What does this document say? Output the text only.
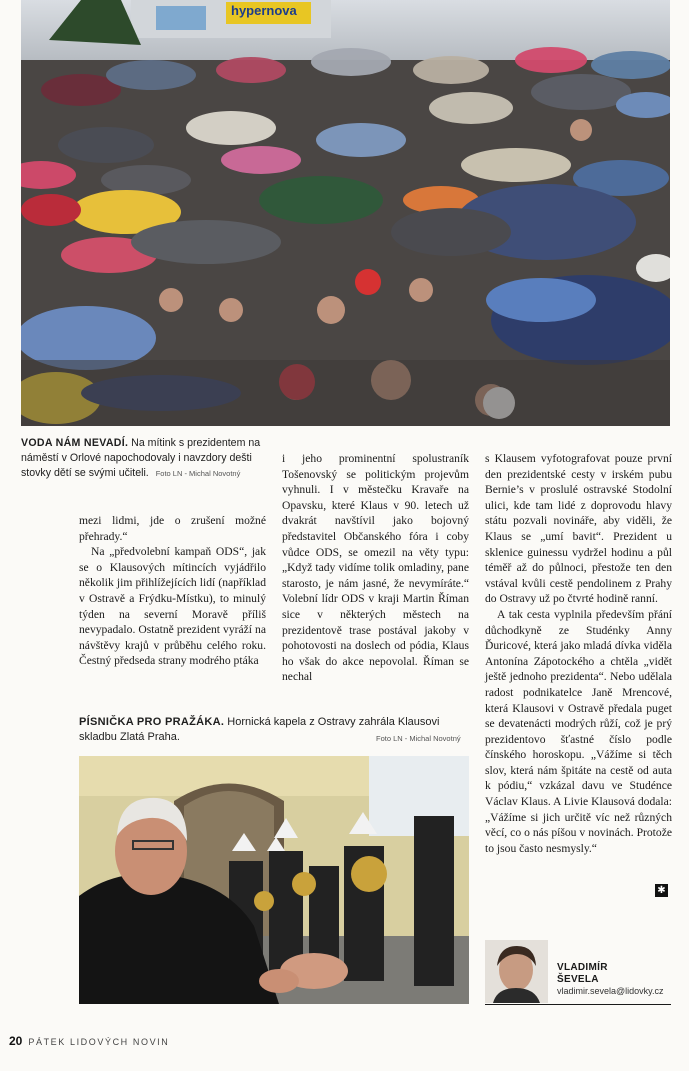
hypernova
VODA NÁM NEVADÍ. Na mítink s prezidentem na náměstí v Orlové napochodovaly i navzdory dešti stovky dětí se svými učiteli. Foto LN - Michal Novotný

mezi lidmi, jde o zrušení možné přehrady.“

Na „předvolební kampaň ODS“, jak se o Klausových mítincích vyjádřilo několik jim přihlížejících lidí (například v Ostravě a Frýdku-Místku), to minulý týden na severní Moravě příliš nevypadalo. Ostatně prezident vyráží na návštěvy krajů v průběhu celého roku. Čestný předseda strany modrého ptáka

i jeho prominentní spolustraník Tošenovský se politickým projevům vyhnuli. I v městečku Kravaře na Opavsku, které Klaus v 90. letech už dvakrát navštívil jako bojovný představitel Občanského fóra i coby vůdce ODS, se omezil na věty typu: „Když tady vidíme tolik omladiny, pane starosto, je nám jasné, že nevymíráte.“ Volební lídr ODS v kraji Martin Říman sice v některých městech na prezidentově trase postával jakoby v pohotovosti na doslech od pódia, Klaus ho však do akce nepovolal. Říman se nechal

s Klausem vyfotografovat pouze první den prezidentské cesty v irském pubu Bernie’s v proslulé ostravské Stodolní ulici, kde tam lidé z doprovodu hlavy státu pozvali novináře, aby viděli, že Klaus se „umí bavit“. Prezident u sklenice guinessu vydržel hodinu a půl téměř až do půlnoci, přestože ten den vstával kvůli cestě pendolinem z Prahy do Ostravy už po čtvrté hodině ranní.

A tak cesta vyplnila především přání důchodkyně ze Studénky Anny Ďuricové, která jako mladá dívka viděla Antonína Zápotockého a chtěla „vidět ještě jednoho prezidenta“. Nebo udělala radost podnikatelce Janě Mrencové, která Klausovi v Ostravě předala puget se devatenácti modrých růží, což je prý prezidentovo šťastné číslo podle čínského horoskopu. „Vážíme si těch slov, která nám špitáte na cestě od auta k pódiu,“ vzkázal davu ve Studénce Václav Klaus. A Livie Klausová dodala: „Vážíme si jich určitě víc než různých věcí, co o nás píšou v novinách. Protože to jsou často nesmysly.“

✱
PÍSNIČKA PRO PRAŽÁKA. Hornická kapela z Ostravy zahrála Klausovi skladbu Zlatá Praha.	Foto LN - Michal Novotný
VLADIMÍR
ŠEVELA
vladimir.sevela@lidovky.cz
20 PÁTEK LIDOVÝCH NOVIN
